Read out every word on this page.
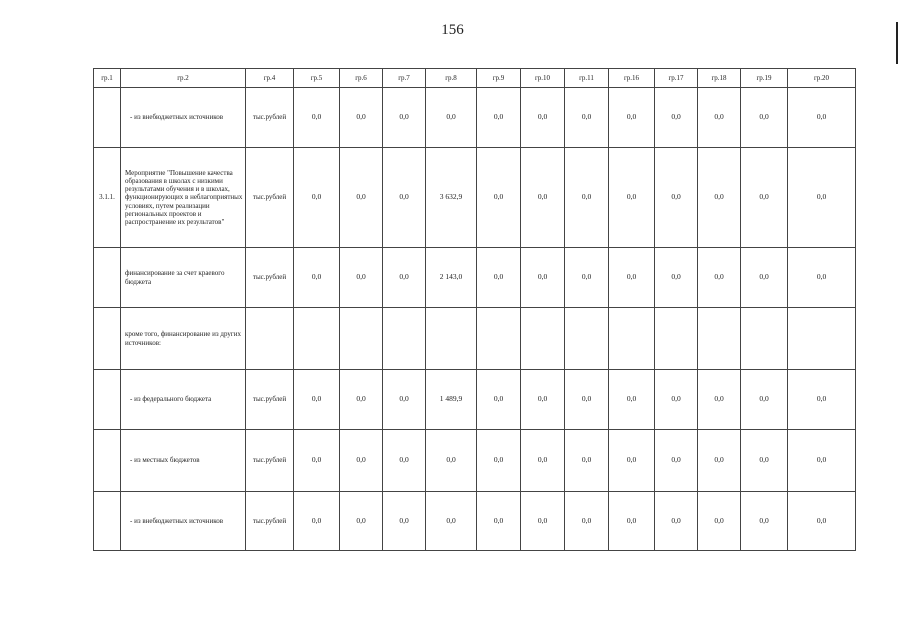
156
гр.1	гр.2	гр.4	гр.5	гр.6	гр.7	гр.8	гр.9	гр.10	гр.11	гр.16	гр.17	гр.18	гр.19	гр.20
	- из внебюджетных источников	тыс.рублей	0,0	0,0	0,0	0,0	0,0	0,0	0,0	0,0	0,0	0,0	0,0	0,0
3.1.1.	Мероприятие "Повышение качества образования в школах с низкими результатами обучения и в школах, функционирующих в неблагоприятных условиях, путем реализации региональных проектов и распространение их результатов"	тыс.рублей	0,0	0,0	0,0	3 632,9	0,0	0,0	0,0	0,0	0,0	0,0	0,0	0,0
	финансирование за счет краевого бюджета	тыс.рублей	0,0	0,0	0,0	2 143,0	0,0	0,0	0,0	0,0	0,0	0,0	0,0	0,0
	кроме того, финансирование из других источников:													
	- из федерального бюджета	тыс.рублей	0,0	0,0	0,0	1 489,9	0,0	0,0	0,0	0,0	0,0	0,0	0,0	0,0
	- из местных бюджетов	тыс.рублей	0,0	0,0	0,0	0,0	0,0	0,0	0,0	0,0	0,0	0,0	0,0	0,0
	- из внебюджетных источников	тыс.рублей	0,0	0,0	0,0	0,0	0,0	0,0	0,0	0,0	0,0	0,0	0,0	0,0
